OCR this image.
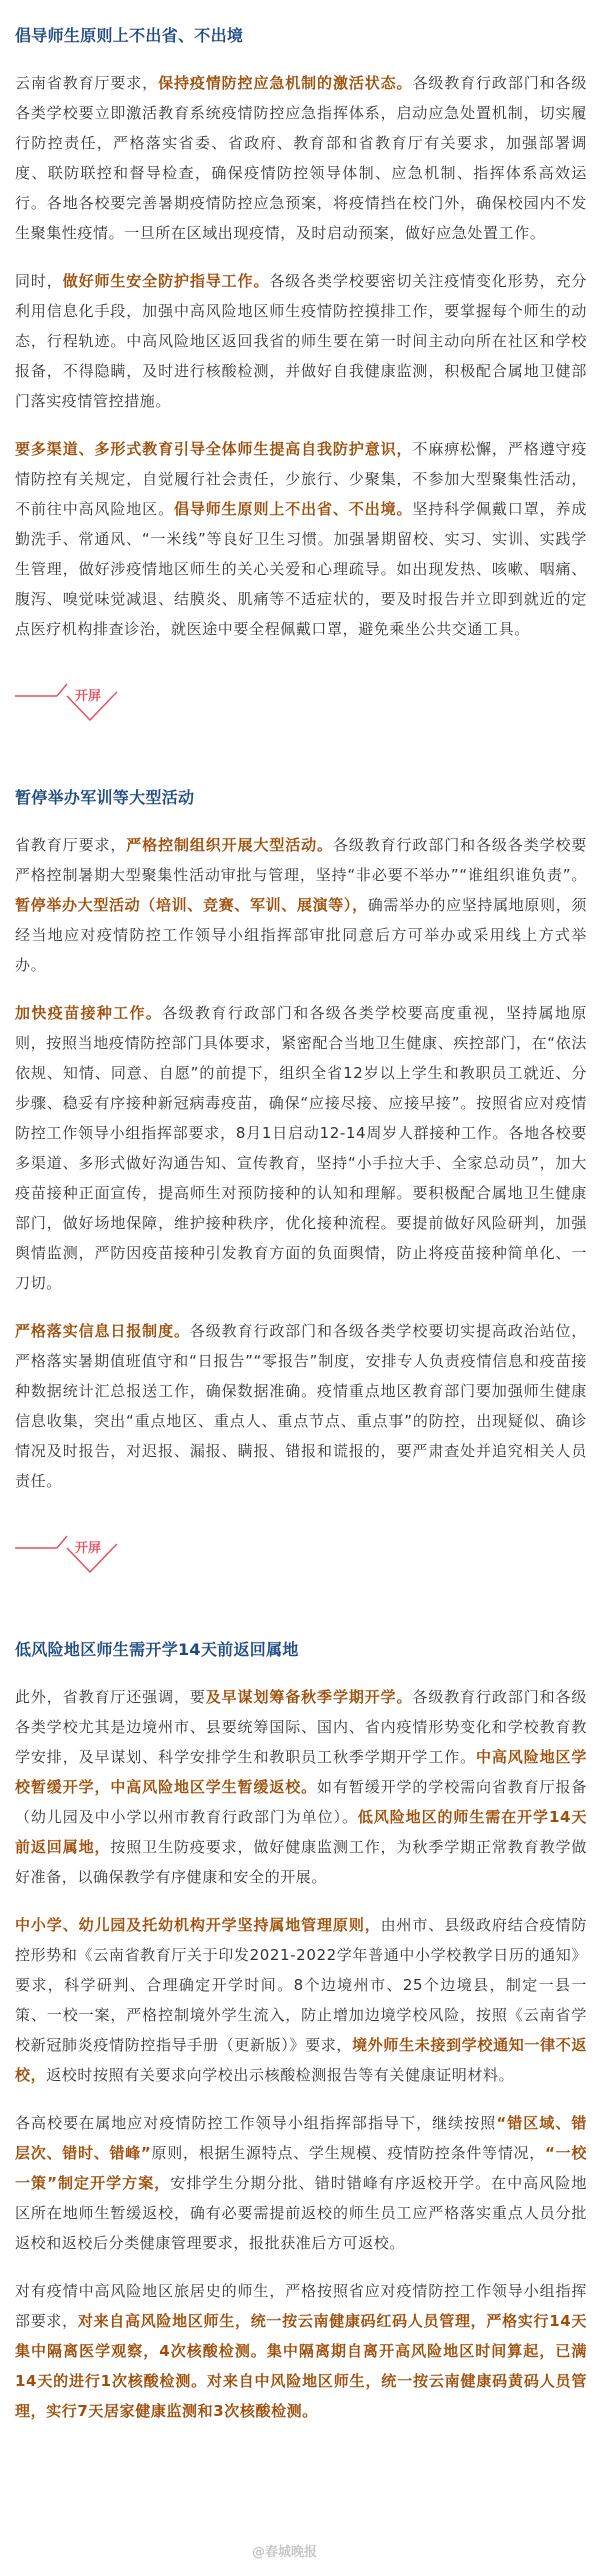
倡导师生原则上不出省、不出境

云南省教育厅要求，保持疫情防控应急机制的激活状态。各级教育行政部门和各级各类学校要立即激活教育系统疫情防控应急指挥体系，启动应急处置机制，切实履行防控责任，严格落实省委、省政府、教育部和省教育厅有关要求，加强部署调度、联防联控和督导检查，确保疫情防控领导体制、应急机制、指挥体系高效运行。各地各校要完善暑期疫情防控应急预案，将疫情挡在校门外，确保校园内不发生聚集性疫情。一旦所在区域出现疫情，及时启动预案，做好应急处置工作。

同时，做好师生安全防护指导工作。各级各类学校要密切关注疫情变化形势，充分利用信息化手段，加强中高风险地区师生疫情防控摸排工作，要掌握每个师生的动态，行程轨迹。中高风险地区返回我省的师生要在第一时间主动向所在社区和学校报备，不得隐瞒，及时进行核酸检测，并做好自我健康监测，积极配合属地卫健部门落实疫情管控措施。

要多渠道、多形式教育引导全体师生提高自我防护意识，不麻痹松懈，严格遵守疫情防控有关规定，自觉履行社会责任，少旅行、少聚集，不参加大型聚集性活动，不前往中高风险地区。倡导师生原则上不出省、不出境。坚持科学佩戴口罩，养成勤洗手、常通风、“一米线”等良好卫生习惯。加强暑期留校、实习、实训、实践学生管理，做好涉疫情地区师生的关心关爱和心理疏导。如出现发热、咳嗽、咽痛、腹泻、嗅觉味觉减退、结膜炎、肌痛等不适症状的，要及时报告并立即到就近的定点医疗机构排查诊治，就医途中要全程佩戴口罩，避免乘坐公共交通工具。

开屏
暂停举办军训等大型活动

省教育厅要求，严格控制组织开展大型活动。各级教育行政部门和各级各类学校要严格控制暑期大型聚集性活动审批与管理，坚持“非必要不举办”“谁组织谁负责”。暂停举办大型活动（培训、竞赛、军训、展演等），确需举办的应坚持属地原则，须经当地应对疫情防控工作领导小组指挥部审批同意后方可举办或采用线上方式举办。

加快疫苗接种工作。各级教育行政部门和各级各类学校要高度重视，坚持属地原则，按照当地疫情防控部门具体要求，紧密配合当地卫生健康、疾控部门，在“依法依规、知情、同意、自愿”的前提下，组织全省12岁以上学生和教职员工就近、分步骤、稳妥有序接种新冠病毒疫苗，确保“应接尽接、应接早接”。按照省应对疫情防控工作领导小组指挥部要求，8月1日启动12-14周岁人群接种工作。各地各校要多渠道、多形式做好沟通告知、宣传教育，坚持“小手拉大手、全家总动员”，加大疫苗接种正面宣传，提高师生对预防接种的认知和理解。要积极配合属地卫生健康部门，做好场地保障，维护接种秩序，优化接种流程。要提前做好风险研判，加强舆情监测，严防因疫苗接种引发教育方面的负面舆情，防止将疫苗接种简单化、一刀切。

严格落实信息日报制度。各级教育行政部门和各级各类学校要切实提高政治站位，严格落实暑期值班值守和“日报告”“零报告”制度，安排专人负责疫情信息和疫苗接种数据统计汇总报送工作，确保数据准确。疫情重点地区教育部门要加强师生健康信息收集，突出“重点地区、重点人、重点节点、重点事”的防控，出现疑似、确诊情况及时报告，对迟报、漏报、瞒报、错报和谎报的，要严肃查处并追究相关人员责任。

开屏
低风险地区师生需开学14天前返回属地

此外，省教育厅还强调，要及早谋划筹备秋季学期开学。各级教育行政部门和各级各类学校尤其是边境州市、县要统筹国际、国内、省内疫情形势变化和学校教育教学安排，及早谋划、科学安排学生和教职员工秋季学期开学工作。中高风险地区学校暂缓开学，中高风险地区学生暂缓返校。如有暂缓开学的学校需向省教育厅报备（幼儿园及中小学以州市教育行政部门为单位）。低风险地区的师生需在开学14天前返回属地，按照卫生防疫要求，做好健康监测工作，为秋季学期正常教育教学做好准备，以确保教学有序健康和安全的开展。

中小学、幼儿园及托幼机构开学坚持属地管理原则，由州市、县级政府结合疫情防控形势和《云南省教育厅关于印发2021-2022学年普通中小学校教学日历的通知》要求，科学研判、合理确定开学时间。8个边境州市、25个边境县，制定一县一策、一校一案，严格控制境外学生流入，防止增加边境学校风险，按照《云南省学校新冠肺炎疫情防控指导手册（更新版）》要求，境外师生未接到学校通知一律不返校，返校时按照有关要求向学校出示核酸检测报告等有关健康证明材料。

各高校要在属地应对疫情防控工作领导小组指挥部指导下，继续按照“错区域、错层次、错时、错峰”原则，根据生源特点、学生规模、疫情防控条件等情况，“一校一策”制定开学方案，安排学生分期分批、错时错峰有序返校开学。在中高风险地区所在地师生暂缓返校，确有必要需提前返校的师生员工应严格落实重点人员分批返校和返校后分类健康管理要求，报批获准后方可返校。

对有疫情中高风险地区旅居史的师生，严格按照省应对疫情防控工作领导小组指挥部要求，对来自高风险地区师生，统一按云南健康码红码人员管理，严格实行14天集中隔离医学观察，4次核酸检测。集中隔离期自离开高风险地区时间算起，已满14天的进行1次核酸检测。对来自中风险地区师生，统一按云南健康码黄码人员管理，实行7天居家健康监测和3次核酸检测。

@春城晚报
